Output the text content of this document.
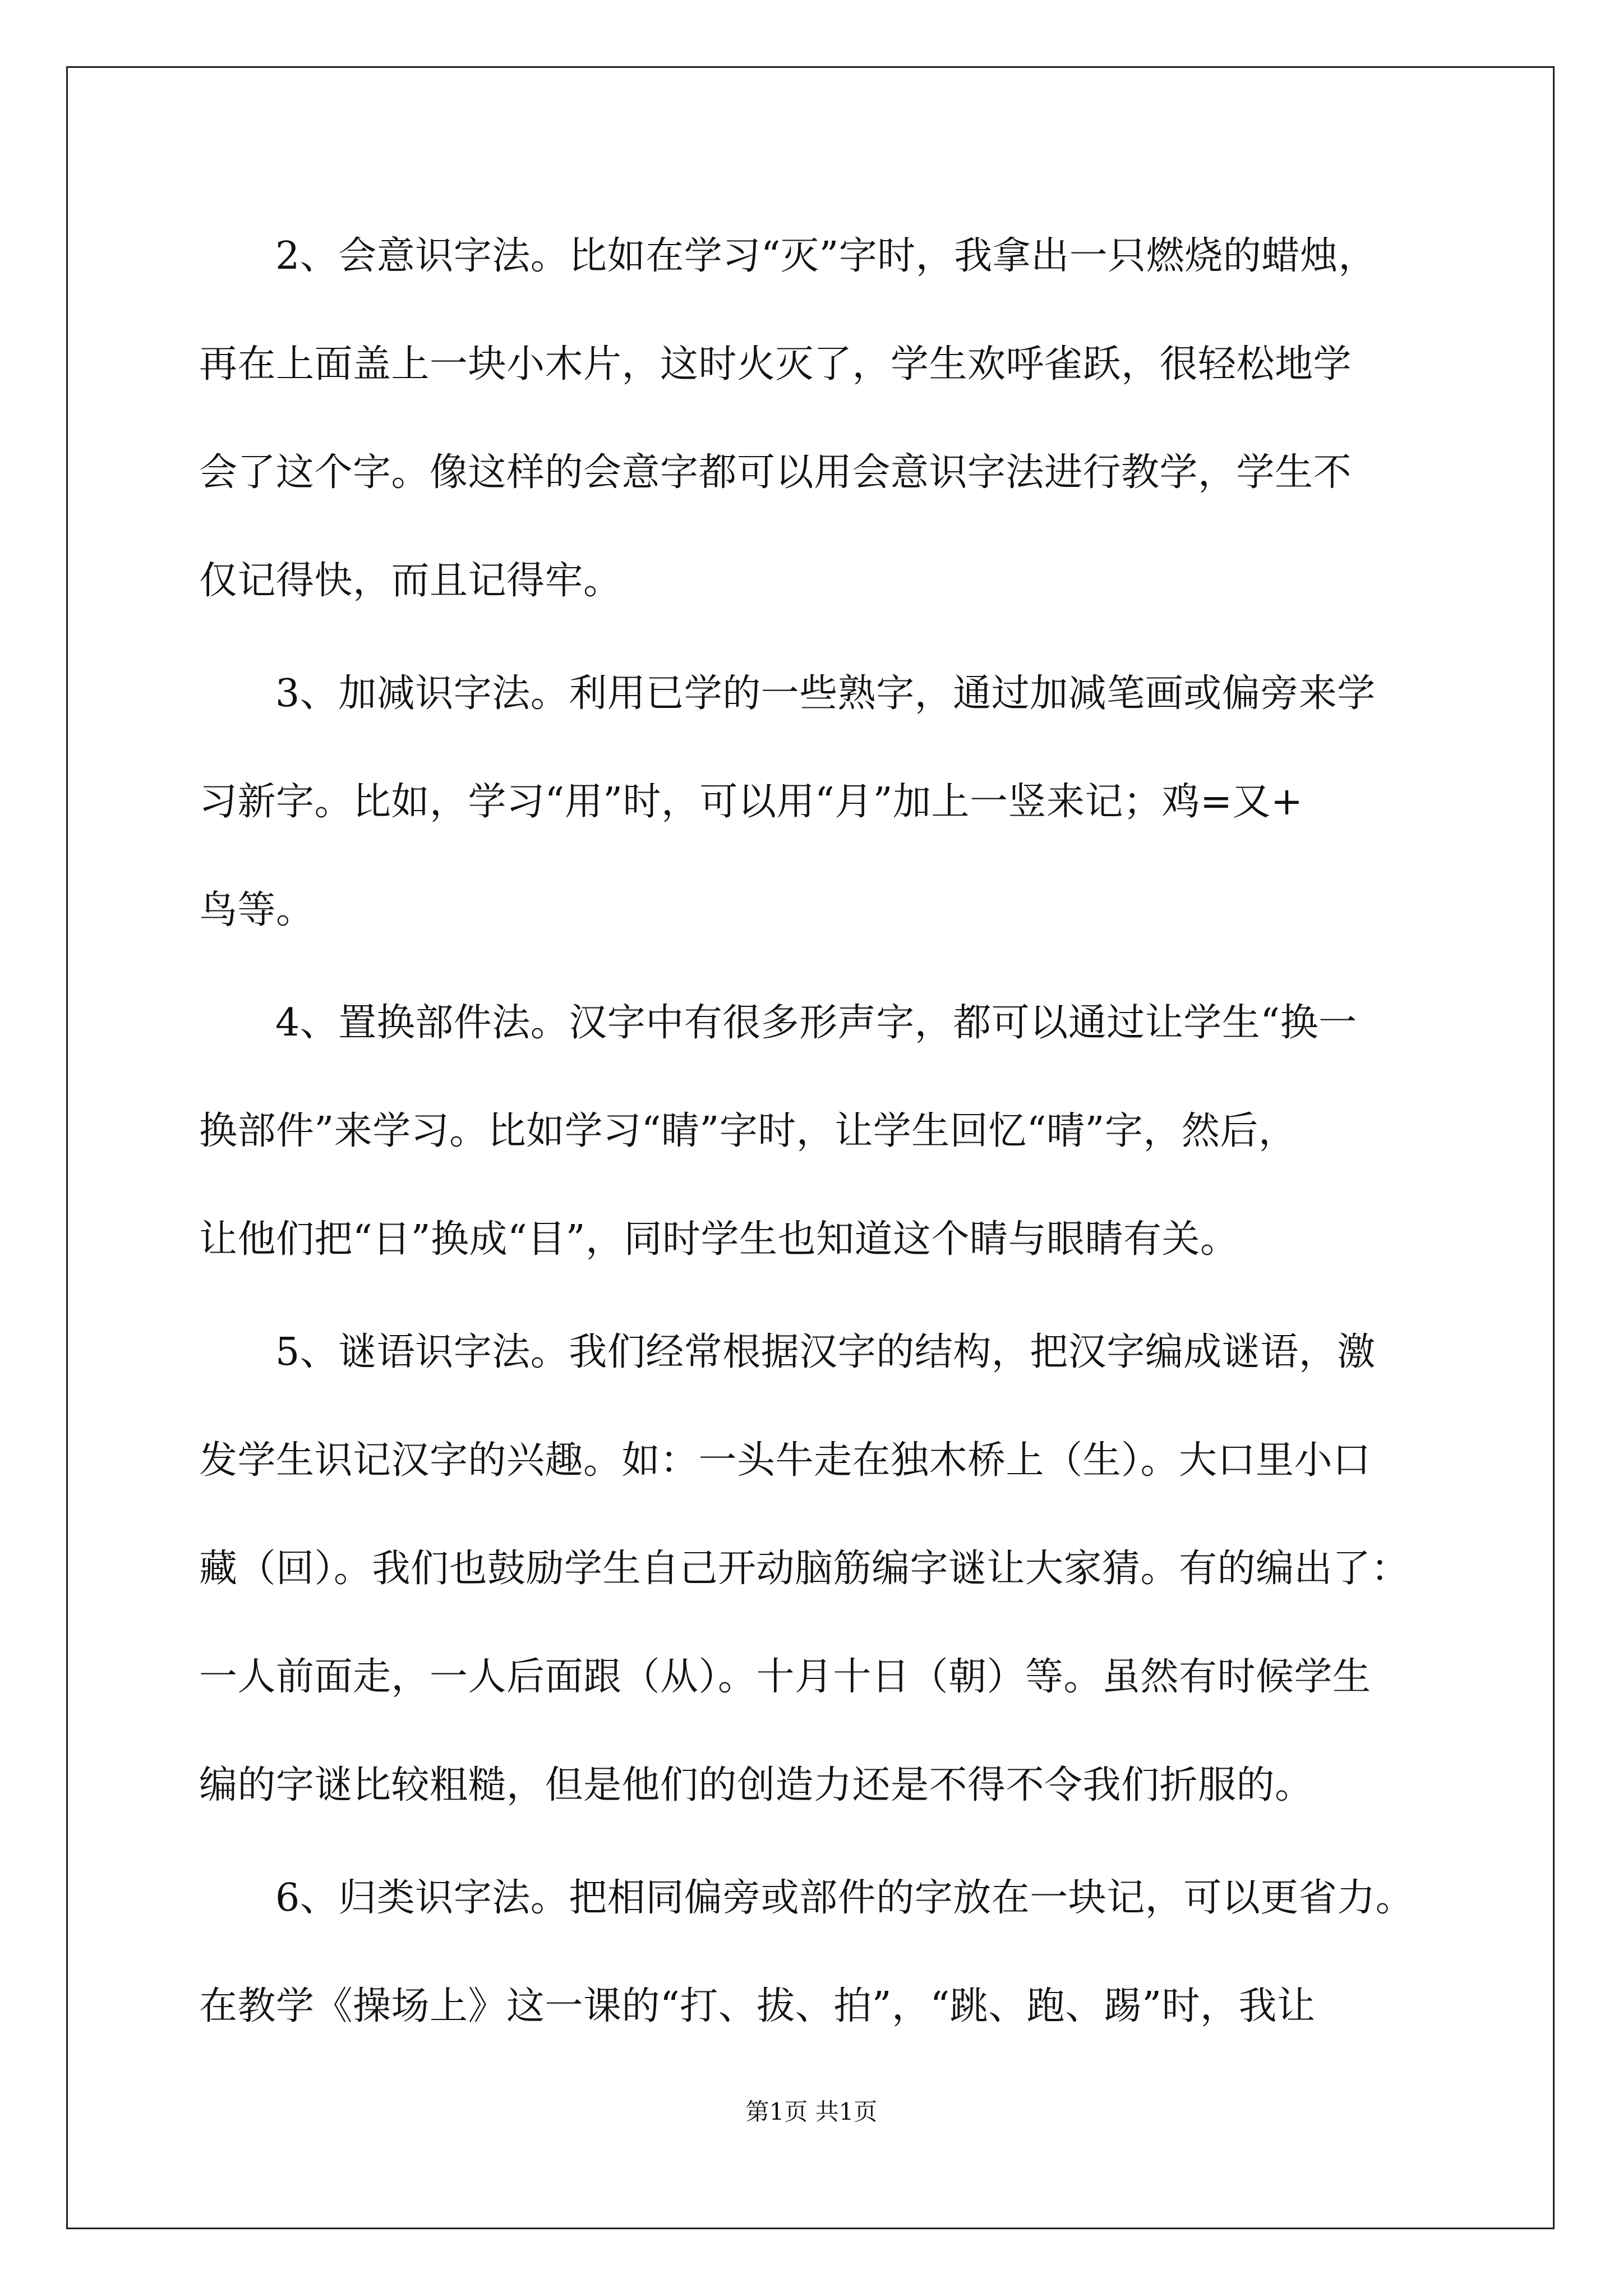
2、会意识字法。比如在学习“灭”字时，我拿出一只燃烧的蜡烛，
再在上面盖上一块小木片，这时火灭了，学生欢呼雀跃，很轻松地学
会了这个字。像这样的会意字都可以用会意识字法进行教学，学生不
仅记得快，而且记得牢。
3、加减识字法。利用已学的一些熟字，通过加减笔画或偏旁来学
习新字。比如，学习“用”时，可以用“月”加上一竖来记；鸡=又+
鸟等。
4、置换部件法。汉字中有很多形声字，都可以通过让学生“换一
换部件”来学习。比如学习“睛”字时，让学生回忆“晴”字，然后，
让他们把“日”换成“目”，同时学生也知道这个睛与眼睛有关。
5、谜语识字法。我们经常根据汉字的结构，把汉字编成谜语，激
发学生识记汉字的兴趣。如：一头牛走在独木桥上（生）。大口里小口
藏（回）。我们也鼓励学生自己开动脑筋编字谜让大家猜。有的编出了：
一人前面走，一人后面跟（从）。十月十日（朝）等。虽然有时候学生
编的字谜比较粗糙，但是他们的创造力还是不得不令我们折服的。
6、归类识字法。把相同偏旁或部件的字放在一块记，可以更省力。
在教学《操场上》这一课的“打、拔、拍”，“跳、跑、踢”时，我让
第1页 共1页
